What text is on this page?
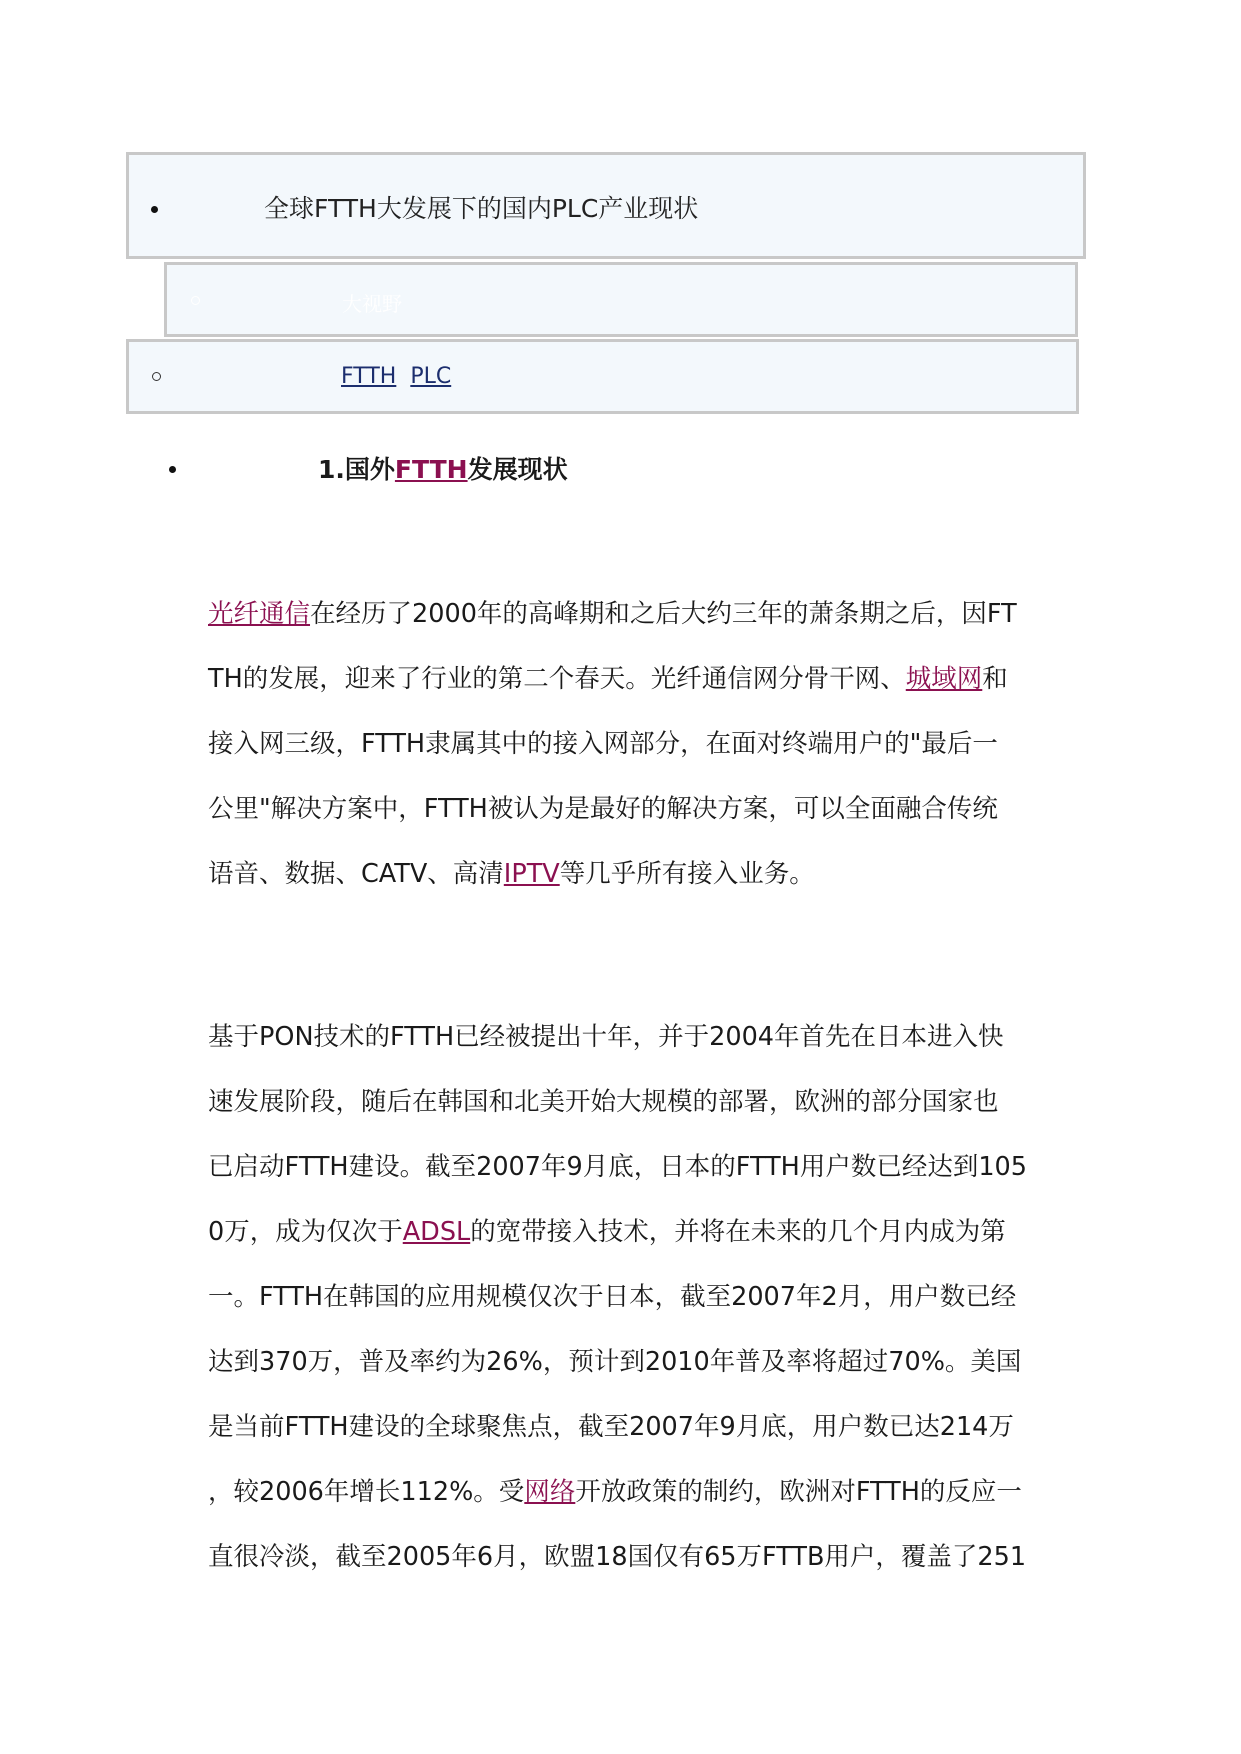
全球FTTH大发展下的国内PLC产业现状
大视野
FTTH PLC
1.国外FTTH发展现状
光纤通信在经历了2000年的高峰期和之后大约三年的萧条期之后，因FT
TH的发展，迎来了行业的第二个春天。光纤通信网分骨干网、城域网和
接入网三级，FTTH隶属其中的接入网部分，在面对终端用户的"最后一
公里"解决方案中，FTTH被认为是最好的解决方案，可以全面融合传统
语音、数据、CATV、高清IPTV等几乎所有接入业务。
基于PON技术的FTTH已经被提出十年，并于2004年首先在日本进入快
速发展阶段，随后在韩国和北美开始大规模的部署，欧洲的部分国家也
已启动FTTH建设。截至2007年9月底，日本的FTTH用户数已经达到105
0万，成为仅次于ADSL的宽带接入技术，并将在未来的几个月内成为第
一。FTTH在韩国的应用规模仅次于日本，截至2007年2月，用户数已经
达到370万，普及率约为26%，预计到2010年普及率将超过70%。美国
是当前FTTH建设的全球聚焦点，截至2007年9月底，用户数已达214万
，较2006年增长112%。受网络开放政策的制约，欧洲对FTTH的反应一
直很冷淡，截至2005年6月，欧盟18国仅有65万FTTB用户，覆盖了251
